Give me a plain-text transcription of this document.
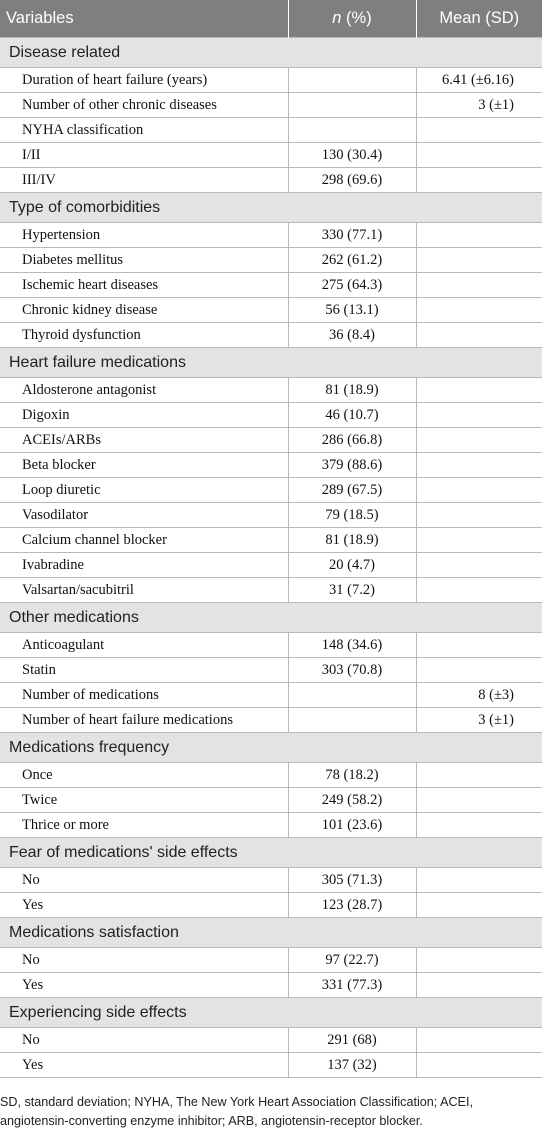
Variables	n (%)	Mean (SD)
Disease related		
Duration of heart failure (years)		6.41 (±6.16)
Number of other chronic diseases		3 (±1)
NYHA classification		
I/II	130 (30.4)	
III/IV	298 (69.6)	
Type of comorbidities		
Hypertension	330 (77.1)	
Diabetes mellitus	262 (61.2)	
Ischemic heart diseases	275 (64.3)	
Chronic kidney disease	56 (13.1)	
Thyroid dysfunction	36 (8.4)	
Heart failure medications		
Aldosterone antagonist	81 (18.9)	
Digoxin	46 (10.7)	
ACEIs/ARBs	286 (66.8)	
Beta blocker	379 (88.6)	
Loop diuretic	289 (67.5)	
Vasodilator	79 (18.5)	
Calcium channel blocker	81 (18.9)	
Ivabradine	20 (4.7)	
Valsartan/sacubitril	31 (7.2)	
Other medications		
Anticoagulant	148 (34.6)	
Statin	303 (70.8)	
Number of medications		8 (±3)
Number of heart failure medications		3 (±1)
Medications frequency		
Once	78 (18.2)	
Twice	249 (58.2)	
Thrice or more	101 (23.6)	
Fear of medications' side effects		
No	305 (71.3)	
Yes	123 (28.7)	
Medications satisfaction		
No	97 (22.7)	
Yes	331 (77.3)	
Experiencing side effects		
No	291 (68)	
Yes	137 (32)	
SD, standard deviation; NYHA, The New York Heart Association Classification; ACEI, angiotensin-converting enzyme inhibitor; ARB, angiotensin-receptor blocker.
